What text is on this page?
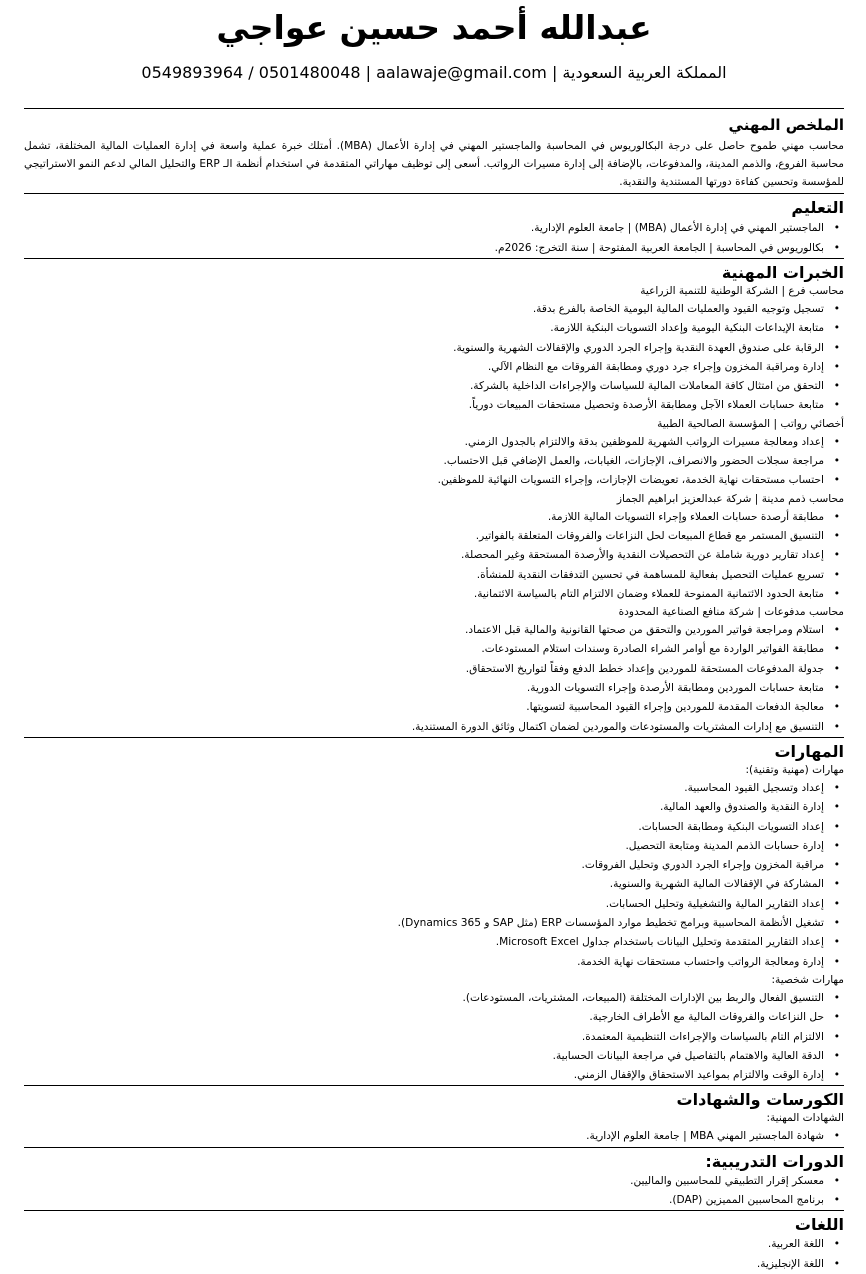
عبدالله أحمد حسين عواجي
0549893964 / 0501480048 | aalawaje@gmail.com | المملكة العربية السعودية
الملخص المهني

محاسب مهني طموح حاصل على درجة البكالوريوس في المحاسبة والماجستير المهني في إدارة الأعمال (MBA). أمتلك خبرة عملية واسعة في إدارة العمليات المالية المختلفة، تشمل محاسبة الفروع، والذمم المدينة، والمدفوعات، بالإضافة إلى إدارة مسيرات الرواتب. أسعى إلى توظيف مهاراتي المتقدمة في استخدام أنظمة الـ ERP والتحليل المالي لدعم النمو الاستراتيجي للمؤسسة وتحسين كفاءة دورتها المستندية والنقدية.

التعليم
• الماجستير المهني في إدارة الأعمال (MBA) | جامعة العلوم الإدارية.
• بكالوريوس في المحاسبة | الجامعة العربية المفتوحة | سنة التخرج: 2026م.
الخبرات المهنية
محاسب فرع | الشركة الوطنية للتنمية الزراعية
• تسجيل وتوجيه القيود والعمليات المالية اليومية الخاصة بالفرع بدقة.
• متابعة الإيداعات البنكية اليومية وإعداد التسويات البنكية اللازمة.
• الرقابة على صندوق العهدة النقدية وإجراء الجرد الدوري والإقفالات الشهرية والسنوية.
• إدارة ومراقبة المخزون وإجراء جرد دوري ومطابقة الفروقات مع النظام الآلي.
• التحقق من امتثال كافة المعاملات المالية للسياسات والإجراءات الداخلية بالشركة.
• متابعة حسابات العملاء الآجل ومطابقة الأرصدة وتحصيل مستحقات المبيعات دورياً.
أخصائي رواتب | المؤسسة الصالحية الطبية
• إعداد ومعالجة مسيرات الرواتب الشهرية للموظفين بدقة والالتزام بالجدول الزمني.
• مراجعة سجلات الحضور والانصراف، الإجازات، الغيابات، والعمل الإضافي قبل الاحتساب.
• احتساب مستحقات نهاية الخدمة، تعويضات الإجازات، وإجراء التسويات النهائية للموظفين.
محاسب ذمم مدينة | شركة عبدالعزيز ابراهيم الجماز
• مطابقة أرصدة حسابات العملاء وإجراء التسويات المالية اللازمة.
• التنسيق المستمر مع قطاع المبيعات لحل النزاعات والفروقات المتعلقة بالفواتير.
• إعداد تقارير دورية شاملة عن التحصيلات النقدية والأرصدة المستحقة وغير المحصلة.
• تسريع عمليات التحصيل بفعالية للمساهمة في تحسين التدفقات النقدية للمنشأة.
• متابعة الحدود الائتمانية الممنوحة للعملاء وضمان الالتزام التام بالسياسة الائتمانية.
محاسب مدفوعات | شركة منافع الصناعية المحدودة
• استلام ومراجعة فواتير الموردين والتحقق من صحتها القانونية والمالية قبل الاعتماد.
• مطابقة الفواتير الواردة مع أوامر الشراء الصادرة وسندات استلام المستودعات.
• جدولة المدفوعات المستحقة للموردين وإعداد خطط الدفع وفقاً لتواريخ الاستحقاق.
• متابعة حسابات الموردين ومطابقة الأرصدة وإجراء التسويات الدورية.
• معالجة الدفعات المقدمة للموردين وإجراء القيود المحاسبية لتسويتها.
• التنسيق مع إدارات المشتريات والمستودعات والموردين لضمان اكتمال وثائق الدورة المستندية.
المهارات
مهارات (مهنية وتقنية):
• إعداد وتسجيل القيود المحاسبية.
• إدارة النقدية والصندوق والعهد المالية.
• إعداد التسويات البنكية ومطابقة الحسابات.
• إدارة حسابات الذمم المدينة ومتابعة التحصيل.
• مراقبة المخزون وإجراء الجرد الدوري وتحليل الفروقات.
• المشاركة في الإقفالات المالية الشهرية والسنوية.
• إعداد التقارير المالية والتشغيلية وتحليل الحسابات.
• تشغيل الأنظمة المحاسبية وبرامج تخطيط موارد المؤسسات ERP (مثل SAP و Dynamics 365).
• إعداد التقارير المتقدمة وتحليل البيانات باستخدام جداول Microsoft Excel.
• إدارة ومعالجة الرواتب واحتساب مستحقات نهاية الخدمة.
مهارات شخصية:
• التنسيق الفعال والربط بين الإدارات المختلفة (المبيعات، المشتريات، المستودعات).
• حل النزاعات والفروقات المالية مع الأطراف الخارجية.
• الالتزام التام بالسياسات والإجراءات التنظيمية المعتمدة.
• الدقة العالية والاهتمام بالتفاصيل في مراجعة البيانات الحسابية.
• إدارة الوقت والالتزام بمواعيد الاستحقاق والإقفال الزمني.
الكورسات والشهادات
الشهادات المهنية:
• شهادة الماجستير المهني MBA | جامعة العلوم الإدارية.
الدورات التدريبية:
• معسكر إقرار التطبيقي للمحاسبين والماليين.
• برنامج المحاسبين المميزين (DAP).
اللغات
• اللغة العربية.
• اللغة الإنجليزية.
